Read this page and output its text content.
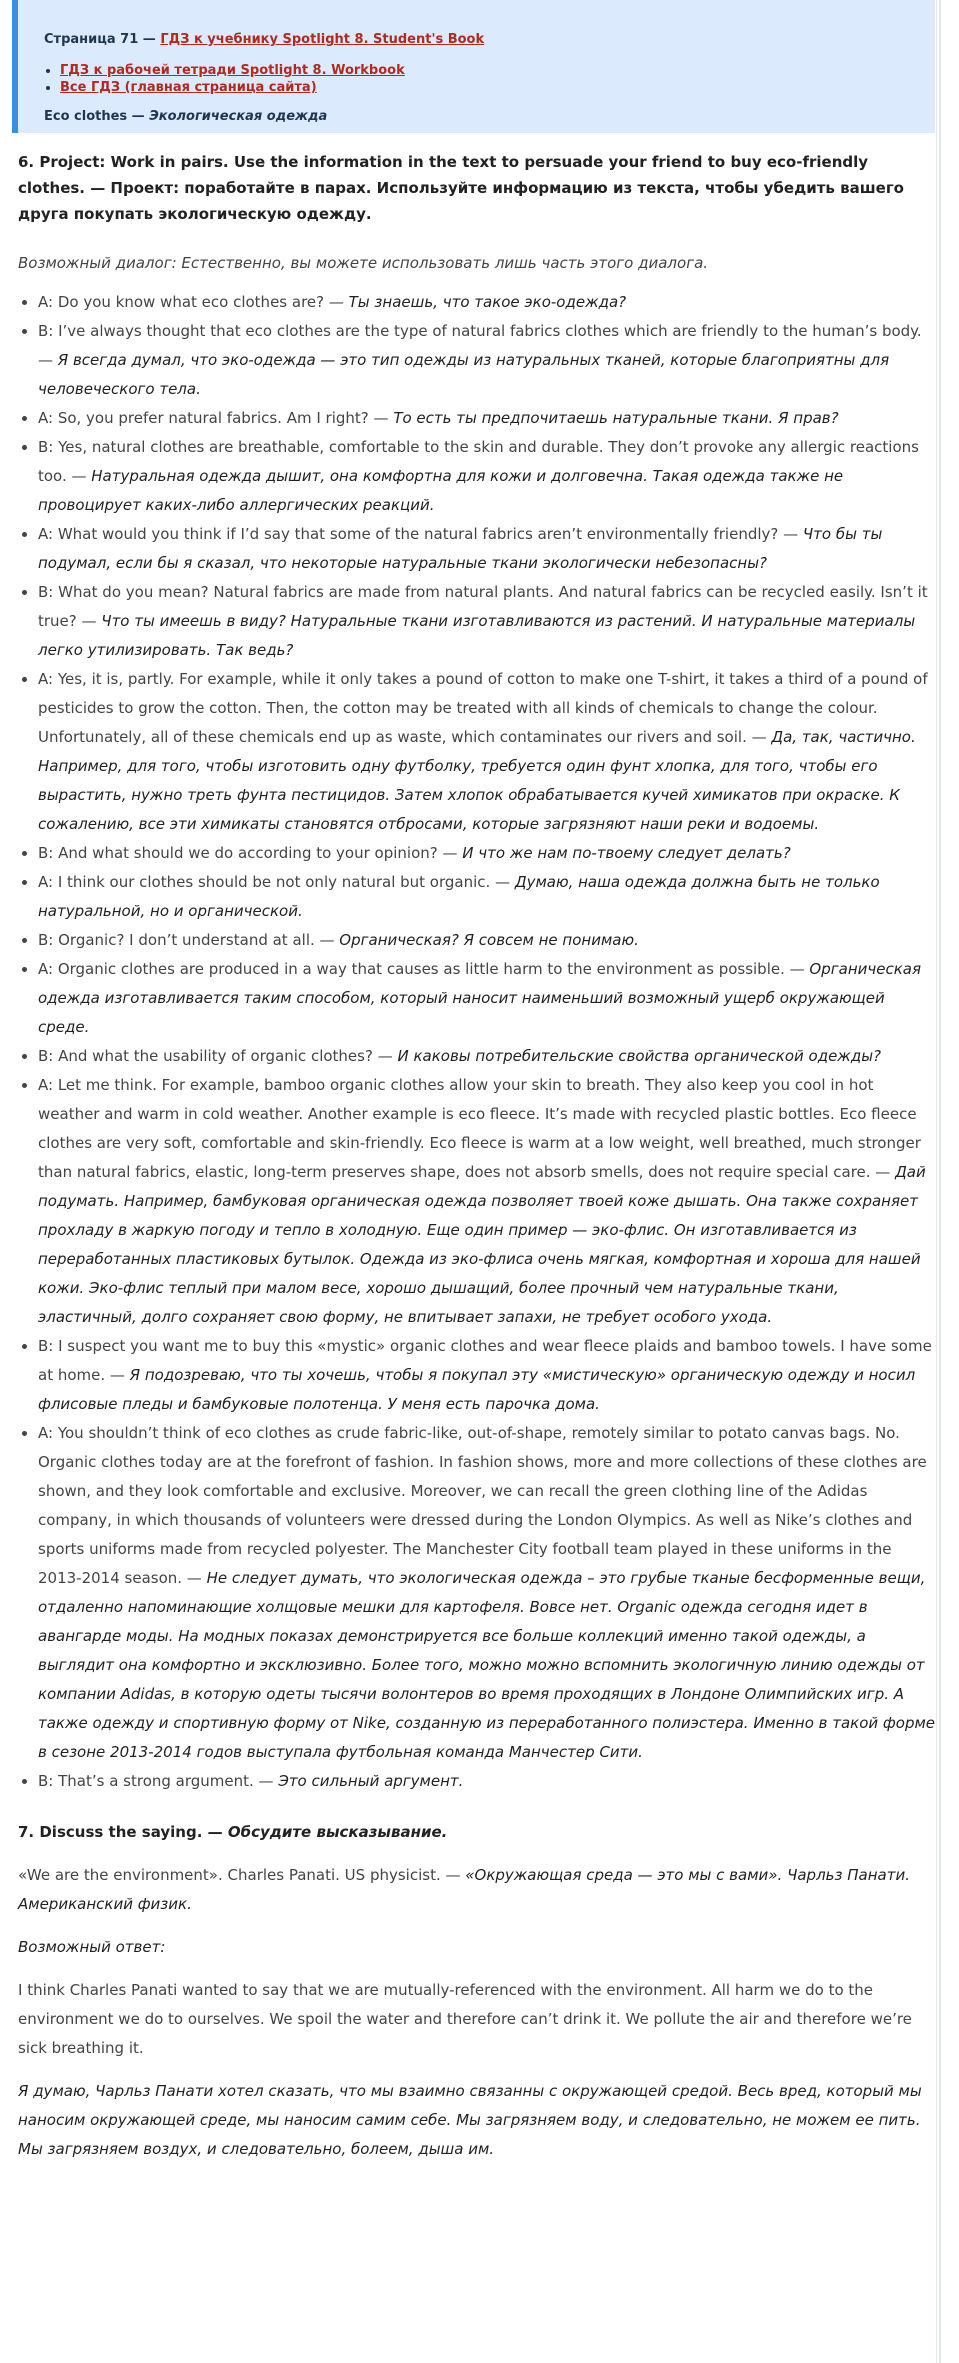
Страница 71 — ГДЗ к учебнику Spotlight 8. Student's Book

• ГДЗ к рабочей тетради Spotlight 8. Workbook
• Все ГДЗ (главная страница сайта)
Eco clothes — Экологическая одежда

6. Project: Work in pairs. Use the information in the text to persuade your friend to buy eco-friendly clothes. — Проект: поработайте в парах. Используйте информацию из текста, чтобы убедить вашего друга покупать экологическую одежду.

Возможный диалог: Естественно, вы можете использовать лишь часть этого диалога.

• A: Do you know what eco clothes are? — Ты знаешь, что такое эко-одежда?
• B: I’ve always thought that eco clothes are the type of natural fabrics clothes which are friendly to the human’s body. — Я всегда думал, что эко-одежда — это тип одежды из натуральных тканей, которые благоприятны для человеческого тела.
• A: So, you prefer natural fabrics. Am I right? — То есть ты предпочитаешь натуральные ткани. Я прав?
• B: Yes, natural clothes are breathable, comfortable to the skin and durable. They don’t provoke any allergic reactions too. — Натуральная одежда дышит, она комфортна для кожи и долговечна. Такая одежда также не провоцирует каких-либо аллергических реакций.
• A: What would you think if I’d say that some of the natural fabrics aren’t environmentally friendly? — Что бы ты подумал, если бы я сказал, что некоторые натуральные ткани экологически небезопасны?
• B: What do you mean? Natural fabrics are made from natural plants. And natural fabrics can be recycled easily. Isn’t it true? — Что ты имеешь в виду? Натуральные ткани изготавливаются из растений. И натуральные материалы легко утилизировать. Так ведь?
• A: Yes, it is, partly. For example, while it only takes a pound of cotton to make one T-shirt, it takes a third of a pound of pesticides to grow the cotton. Then, the cotton may be treated with all kinds of chemicals to change the colour. Unfortunately, all of these chemicals end up as waste, which contaminates our rivers and soil. — Да, так, частично. Например, для того, чтобы изготовить одну футболку, требуется один фунт хлопка, для того, чтобы его вырастить, нужно треть фунта пестицидов. Затем хлопок обрабатывается кучей химикатов при окраске. К сожалению, все эти химикаты становятся отбросами, которые загрязняют наши реки и водоемы.
• B: And what should we do according to your opinion? — И что же нам по-твоему следует делать?
• A: I think our clothes should be not only natural but organic. — Думаю, наша одежда должна быть не только натуральной, но и органической.
• B: Organic? I don’t understand at all. — Органическая? Я совсем не понимаю.
• A: Organic clothes are produced in a way that causes as little harm to the environment as possible. — Органическая одежда изготавливается таким способом, который наносит наименьший возможный ущерб окружающей среде.
• B: And what the usability of organic clothes? — И каковы потребительские свойства органической одежды?
• A: Let me think. For example, bamboo organic clothes allow your skin to breath. They also keep you cool in hot weather and warm in cold weather. Another example is eco fleece. It’s made with recycled plastic bottles. Eco fleece clothes are very soft, comfortable and skin-friendly. Eco fleece is warm at a low weight, well breathed, much stronger than natural fabrics, elastic, long-term preserves shape, does not absorb smells, does not require special care. — Дай подумать. Например, бамбуковая органическая одежда позволяет твоей коже дышать. Она также сохраняет прохладу в жаркую погоду и тепло в холодную. Еще один пример — эко-флис. Он изготавливается из переработанных пластиковых бутылок. Одежда из эко-флиса очень мягкая, комфортная и хороша для нашей кожи. Эко-флис теплый при малом весе, хорошо дышащий, более прочный чем натуральные ткани, эластичный, долго сохраняет свою форму, не впитывает запахи, не требует особого ухода.
• B: I suspect you want me to buy this «mystic» organic clothes and wear fleece plaids and bamboo towels. I have some at home. — Я подозреваю, что ты хочешь, чтобы я покупал эту «мистическую» органическую одежду и носил флисовые пледы и бамбуковые полотенца. У меня есть парочка дома.
• A: You shouldn’t think of eco clothes as crude fabric-like, out-of-shape, remotely similar to potato canvas bags. No. Organic clothes today are at the forefront of fashion. In fashion shows, more and more collections of these clothes are shown, and they look comfortable and exclusive. Moreover, we can recall the green clothing line of the Adidas company, in which thousands of volunteers were dressed during the London Olympics. As well as Nike’s clothes and sports uniforms made from recycled polyester. The Manchester City football team played in these uniforms in the 2013-2014 season. — Не следует думать, что экологическая одежда – это грубые тканые бесформенные вещи, отдаленно напоминающие холщовые мешки для картофеля. Вовсе нет. Organic одежда сегодня идет в авангарде моды. На модных показах демонстрируется все больше коллекций именно такой одежды, а выглядит она комфортно и эксклюзивно. Более того, можно можно вспомнить экологичную линию одежды от компании Adidas, в которую одеты тысячи волонтеров во время проходящих в Лондоне Олимпийских игр. А также одежду и спортивную форму от Nike, созданную из переработанного полиэстера. Именно в такой форме в сезоне 2013-2014 годов выступала футбольная команда Манчестер Сити.
• B: That’s a strong argument. — Это сильный аргумент.

7. Discuss the saying. — Обсудите высказывание.

«We are the environment». Charles Panati. US physicist. — «Окружающая среда — это мы с вами». Чарльз Панати. Американский физик.

Возможный ответ:

I think Charles Panati wanted to say that we are mutually-referenced with the environment. All harm we do to the environment we do to ourselves. We spoil the water and therefore can’t drink it. We pollute the air and therefore we’re sick breathing it.

Я думаю, Чарльз Панати хотел сказать, что мы взаимно связанны с окружающей средой. Весь вред, который мы наносим окружающей среде, мы наносим самим себе. Мы загрязняем воду, и следовательно, не можем ее пить. Мы загрязняем воздух, и следовательно, болеем, дыша им.
